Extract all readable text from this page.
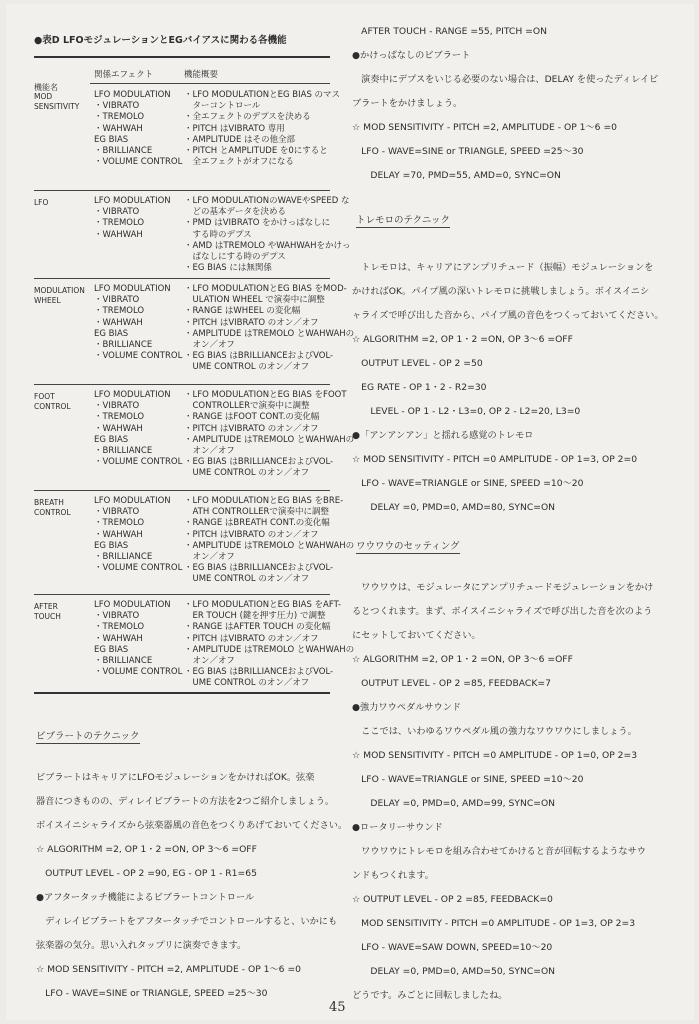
●表D LFOモジュレーションとEGバイアスに関わる各機能
機能名
関係エフェクト	機能概要
MOD SENSITIVITY
LFO MODULATION
・VIBRATO
・TREMOLO
・WAHWAH
EG BIAS
・BRILLIANCE
・VOLUME CONTROL
・LFO MODULATIONとEG BIAS のマス
　ターコントロール
・全エフェクトのデプスを決める
・PITCH はVIBRATO 専用
・AMPLITUDE はその他全部
・PITCH とAMPLITUDE を0にすると
　全エフェクトがオフになる
LFO	LFO MODULATION
・VIBRATO
・TREMOLO
・WAHWAH
・LFO MODULATIONのWAVEやSPEED な
　どの基本データを決める
・PMD はVIBRATO をかけっぱなしに
　する時のデプス
・AMD はTREMOLO やWAHWAHをかけっ
　ぱなしにする時のデプス
・EG BIAS には無関係
MODULATION WHEEL
LFO MODULATION
・VIBRATO
・TREMOLO
・WAHWAH
EG BIAS
・BRILLIANCE
・VOLUME CONTROL
・LFO MODULATIONとEG BIAS をMOD-
　ULATION WHEEL で演奏中に調整
・RANGE はWHEEL の変化幅
・PITCH はVIBRATO のオン／オフ
・AMPLITUDE はTREMOLO とWAHWAHの
　オン／オフ
・EG BIAS はBRILLIANCEおよびVOL-
　UME CONTROL のオン／オフ
FOOT CONTROL
LFO MODULATION
・VIBRATO
・TREMOLO
・WAHWAH
EG BIAS
・BRILLIANCE
・VOLUME CONTROL
・LFO MODULATIONとEG BIAS をFOOT
　CONTROLLERで演奏中に調整
・RANGE はFOOT CONT.の変化幅
・PITCH はVIBRATO のオン／オフ
・AMPLITUDE はTREMOLO とWAHWAHの
　オン／オフ
・EG BIAS はBRILLIANCEおよびVOL-
　UME CONTROL のオン／オフ
BREATH CONTROL
LFO MODULATION
・VIBRATO
・TREMOLO
・WAHWAH
EG BIAS
・BRILLIANCE
・VOLUME CONTROL
・LFO MODULATIONとEG BIAS をBRE-
　ATH CONTROLLERで演奏中に調整
・RANGE はBREATH CONT.の変化幅
・PITCH はVIBRATO のオン／オフ
・AMPLITUDE はTREMOLO とWAHWAHの
　オン／オフ
・EG BIAS はBRILLIANCEおよびVOL-
　UME CONTROL のオン／オフ
AFTER TOUCH
LFO MODULATION
・VIBRATO
・TREMOLO
・WAHWAH
EG BIAS
・BRILLIANCE
・VOLUME CONTROL
・LFO MODULATIONとEG BIAS をAFT-
　ER TOUCH (鍵を押す圧力) で調整
・RANGE はAFTER TOUCH の変化幅
・PITCH はVIBRATO のオン／オフ
・AMPLITUDE はTREMOLO とWAHWAHの
　オン／オフ
・EG BIAS はBRILLIANCEおよびVOL-
　UME CONTROL のオン／オフ
ビブラートのテクニック
ビブラートはキャリアにLFOモジュレーションをかければOK。弦楽
器音につきものの、ディレイビブラートの方法を2つご紹介しましょう。
ボイスイニシャライズから弦楽器風の音色をつくりあげておいてください。
☆ ALGORITHM =2, OP 1・2 =ON, OP 3〜6 =OFF
　OUTPUT LEVEL - OP 2 =90, EG - OP 1 - R1=65
●アフタータッチ機能によるビブラートコントロール
　ディレイビブラートをアフタータッチでコントロールすると、いかにも
弦楽器の気分。思い入れタップリに演奏できます。
☆ MOD SENSITIVITY - PITCH =2, AMPLITUDE - OP 1〜6 =0
　LFO - WAVE=SINE or TRIANGLE, SPEED =25〜30
　AFTER TOUCH - RANGE =55, PITCH =ON
●かけっぱなしのビブラート
　演奏中にデプスをいじる必要のない場合は、DELAY を使ったディレイビ
ブラートをかけましょう。
☆ MOD SENSITIVITY - PITCH =2, AMPLITUDE - OP 1〜6 =0
　LFO - WAVE=SINE or TRIANGLE, SPEED =25〜30
　　DELAY =70, PMD=55, AMD=0, SYNC=ON
トレモロのテクニック
　トレモロは、キャリアにアンプリチュード（振幅）モジュレーションを
かければOK。パイプ風の深いトレモロに挑戦しましょう。ボイスイニシ
ャライズで呼び出した音から、パイプ風の音色をつくっておいてください。
☆ ALGORITHM =2, OP 1・2 =ON, OP 3〜6 =OFF
　OUTPUT LEVEL - OP 2 =50
　EG RATE - OP 1・2 - R2=30
　　LEVEL - OP 1 - L2・L3=0, OP 2 - L2=20, L3=0
●「アンアンアン」と揺れる感覚のトレモロ
☆ MOD SENSITIVITY - PITCH =0 AMPLITUDE - OP 1=3, OP 2=0
　LFO - WAVE=TRIANGLE or SINE, SPEED =10〜20
　　DELAY =0, PMD=0, AMD=80, SYNC=ON
ワウワウのセッティング
　ワウワウは、モジュレータにアンプリチュードモジュレーションをかけ
るとつくれます。まず、ボイスイニシャライズで呼び出した音を次のよう
にセットしておいてください。
☆ ALGORITHM =2, OP 1・2 =ON, OP 3〜6 =OFF
　OUTPUT LEVEL - OP 2 =85, FEEDBACK=7
●強力ワウペダルサウンド
　ここでは、いわゆるワウペダル風の強力なワウワウにしましょう。
☆ MOD SENSITIVITY - PITCH =0 AMPLITUDE - OP 1=0, OP 2=3
　LFO - WAVE=TRIANGLE or SINE, SPEED =10〜20
　　DELAY =0, PMD=0, AMD=99, SYNC=ON
●ロータリーサウンド
　ワウワウにトレモロを組み合わせてかけると音が回転するようなサウ
ンドもつくれます。
☆ OUTPUT LEVEL - OP 2 =85, FEEDBACK=0
　MOD SENSITIVITY - PITCH =0 AMPLITUDE - OP 1=3, OP 2=3
　LFO - WAVE=SAW DOWN, SPEED=10〜20
　　DELAY =0, PMD=0, AMD=50, SYNC=ON
どうです。みごとに回転しましたね。
45
